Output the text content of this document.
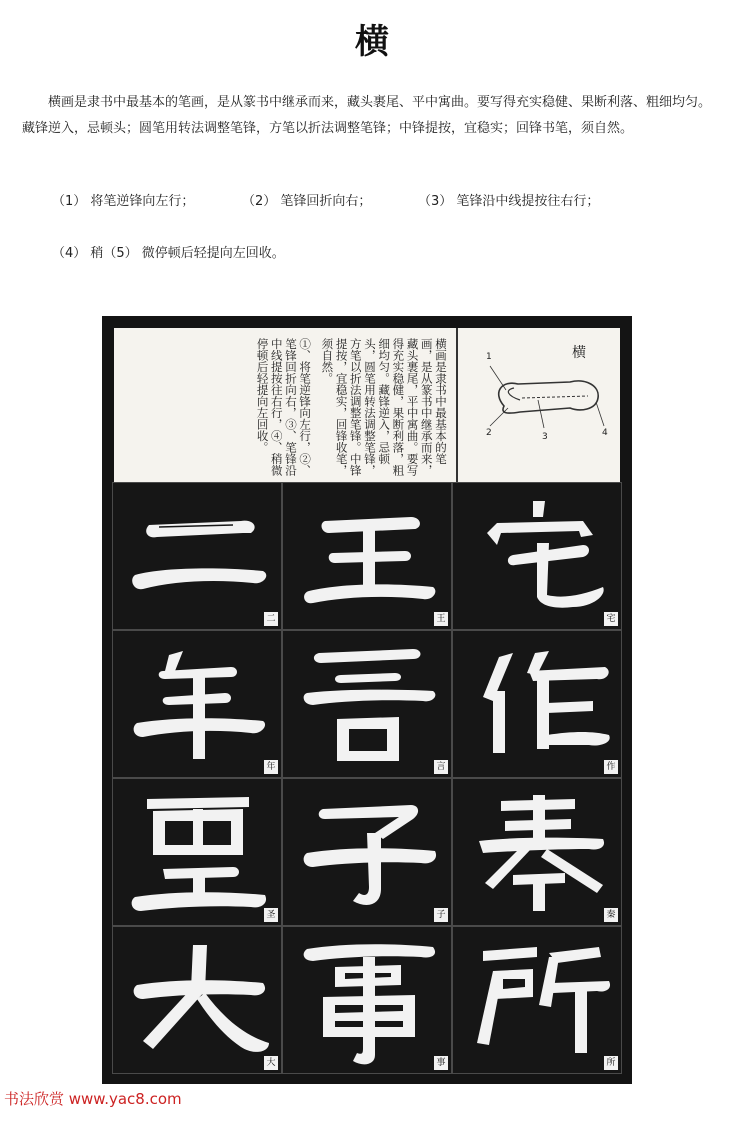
横

横画是隶书中最基本的笔画，是从篆书中继承而来，藏头裹尾、平中寓曲。要写得充实稳健、果断利落、粗细均匀。藏锋逆入，忌顿头；圆笔用转法调整笔锋，方笔以折法调整笔锋；中锋提按，宜稳实；回锋书笔，须自然。

（1） 将笔逆锋向左行；	（2） 笔锋回折向右；	（3） 笔锋沿中线提按往右行；
（4） 稍（5） 微停顿后轻提向左回收。

横画是隶书中最基本的笔画，是从篆书中继承而来，藏头裹尾，平中寓曲。要写得充实稳健，果断利落，粗细均匀。藏锋逆入，忌顿头，圆笔用转法调整笔锋，方笔以折法调整笔锋。中锋提按，宜稳实，回锋收笔，须自然。

①、将笔逆锋向左行，②、笔锋回折向右，③、笔锋沿中线提按往右行，④、稍微停顿后轻提向左回收。	横
1
2	3	4
二	王	宅
年	言	作
圣	子	秦
大	事	所
书法欣赏 www.yac8.com
